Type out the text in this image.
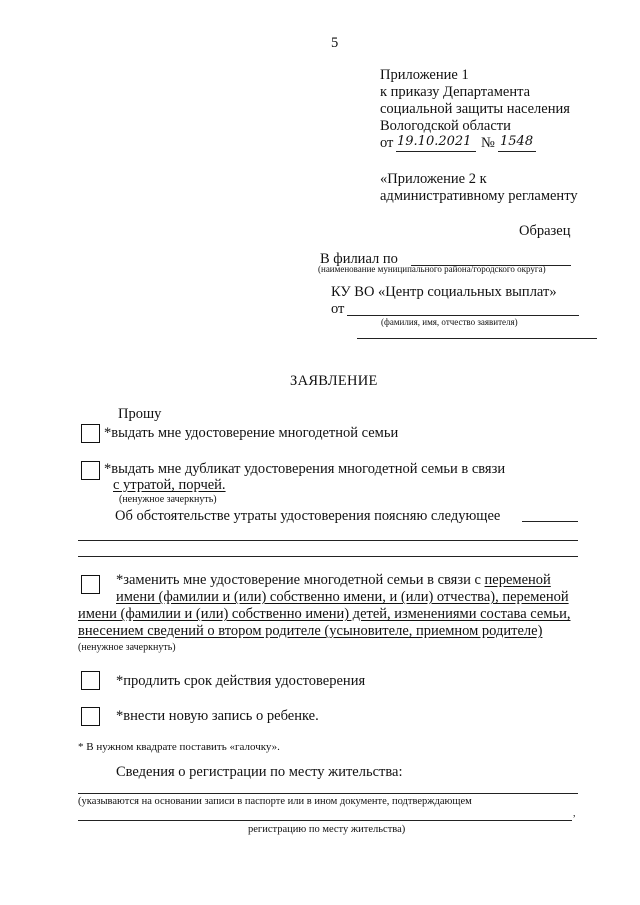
5
Приложение 1
к приказу Департамента
социальной защиты населения
Вологодской области
от 19.10.2021 № 1548
«Приложение 2 к
административному регламенту
Образец
В филиал по
(наименование муниципального района/городского округа)
КУ ВО «Центр социальных выплат»
от
(фамилия, имя, отчество заявителя)
ЗАЯВЛЕНИЕ
Прошу
*выдать мне удостоверение многодетной семьи
*выдать мне дубликат удостоверения многодетной семьи в связи
с утратой, порчей.
(ненужное зачеркнуть)
Об обстоятельстве утраты удостоверения поясняю следующее
*заменить мне удостоверение многодетной семьи в связи с переменой
имени (фамилии и (или) собственно имени, и (или) отчества), переменой
имени (фамилии и (или) собственно имени) детей, изменениями состава семьи,
внесением сведений о втором родителе (усыновителе, приемном родителе)
(ненужное зачеркнуть)
*продлить срок действия удостоверения
*внести новую запись о ребенке.
* В нужном квадрате поставить «галочку».
Сведения о регистрации по месту жительства:
(указываются на основании записи в паспорте или в ином документе, подтверждающем
,
регистрацию по месту жительства)
